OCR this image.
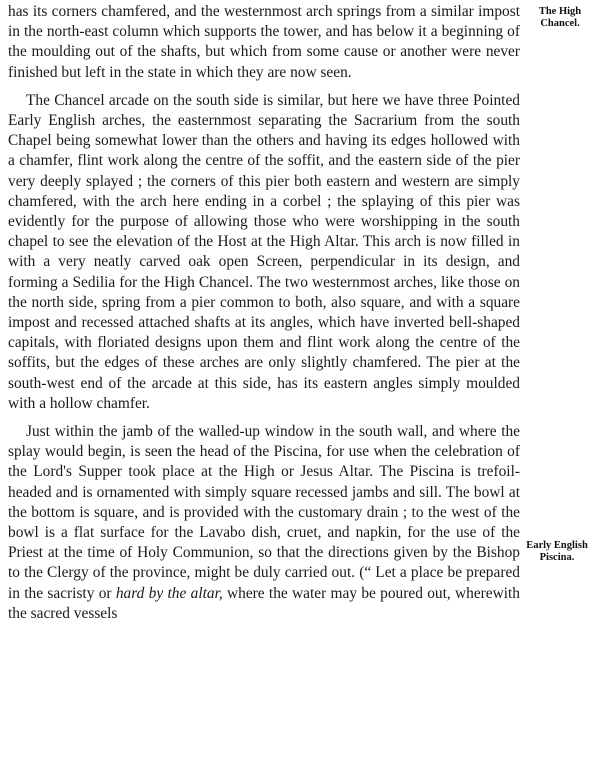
The High Chancel.
Early English Piscina.

has its corners chamfered, and the westernmost arch springs from a similar impost in the north-east column which supports the tower, and has below it a beginning of the moulding out of the shafts, but which from some cause or another were never finished but left in the state in which they are now seen.

The Chancel arcade on the south side is similar, but here we have three Pointed Early English arches, the easternmost separating the Sacrarium from the south Chapel being somewhat lower than the others and having its edges hollowed with a chamfer, flint work along the centre of the soffit, and the eastern side of the pier very deeply splayed ; the corners of this pier both eastern and western are simply chamfered, with the arch here ending in a corbel ; the splaying of this pier was evidently for the purpose of allowing those who were worshipping in the south chapel to see the elevation of the Host at the High Altar. This arch is now filled in with a very neatly carved oak open Screen, perpendicular in its design, and forming a Sedilia for the High Chancel. The two westernmost arches, like those on the north side, spring from a pier common to both, also square, and with a square impost and recessed attached shafts at its angles, which have inverted bell-shaped capitals, with floriated designs upon them and flint work along the centre of the soffits, but the edges of these arches are only slightly chamfered. The pier at the south-west end of the arcade at this side, has its eastern angles simply moulded with a hollow chamfer.

Just within the jamb of the walled-up window in the south wall, and where the splay would begin, is seen the head of the Piscina, for use when the celebration of the Lord's Supper took place at the High or Jesus Altar. The Piscina is trefoil-headed and is ornamented with simply square recessed jambs and sill. The bowl at the bottom is square, and is provided with the customary drain ; to the west of the bowl is a flat surface for the Lavabo dish, cruet, and napkin, for the use of the Priest at the time of Holy Communion, so that the directions given by the Bishop to the Clergy of the province, might be duly carried out. (“ Let a place be prepared in the sacristy or hard by the altar, where the water may be poured out, wherewith the sacred vessels
